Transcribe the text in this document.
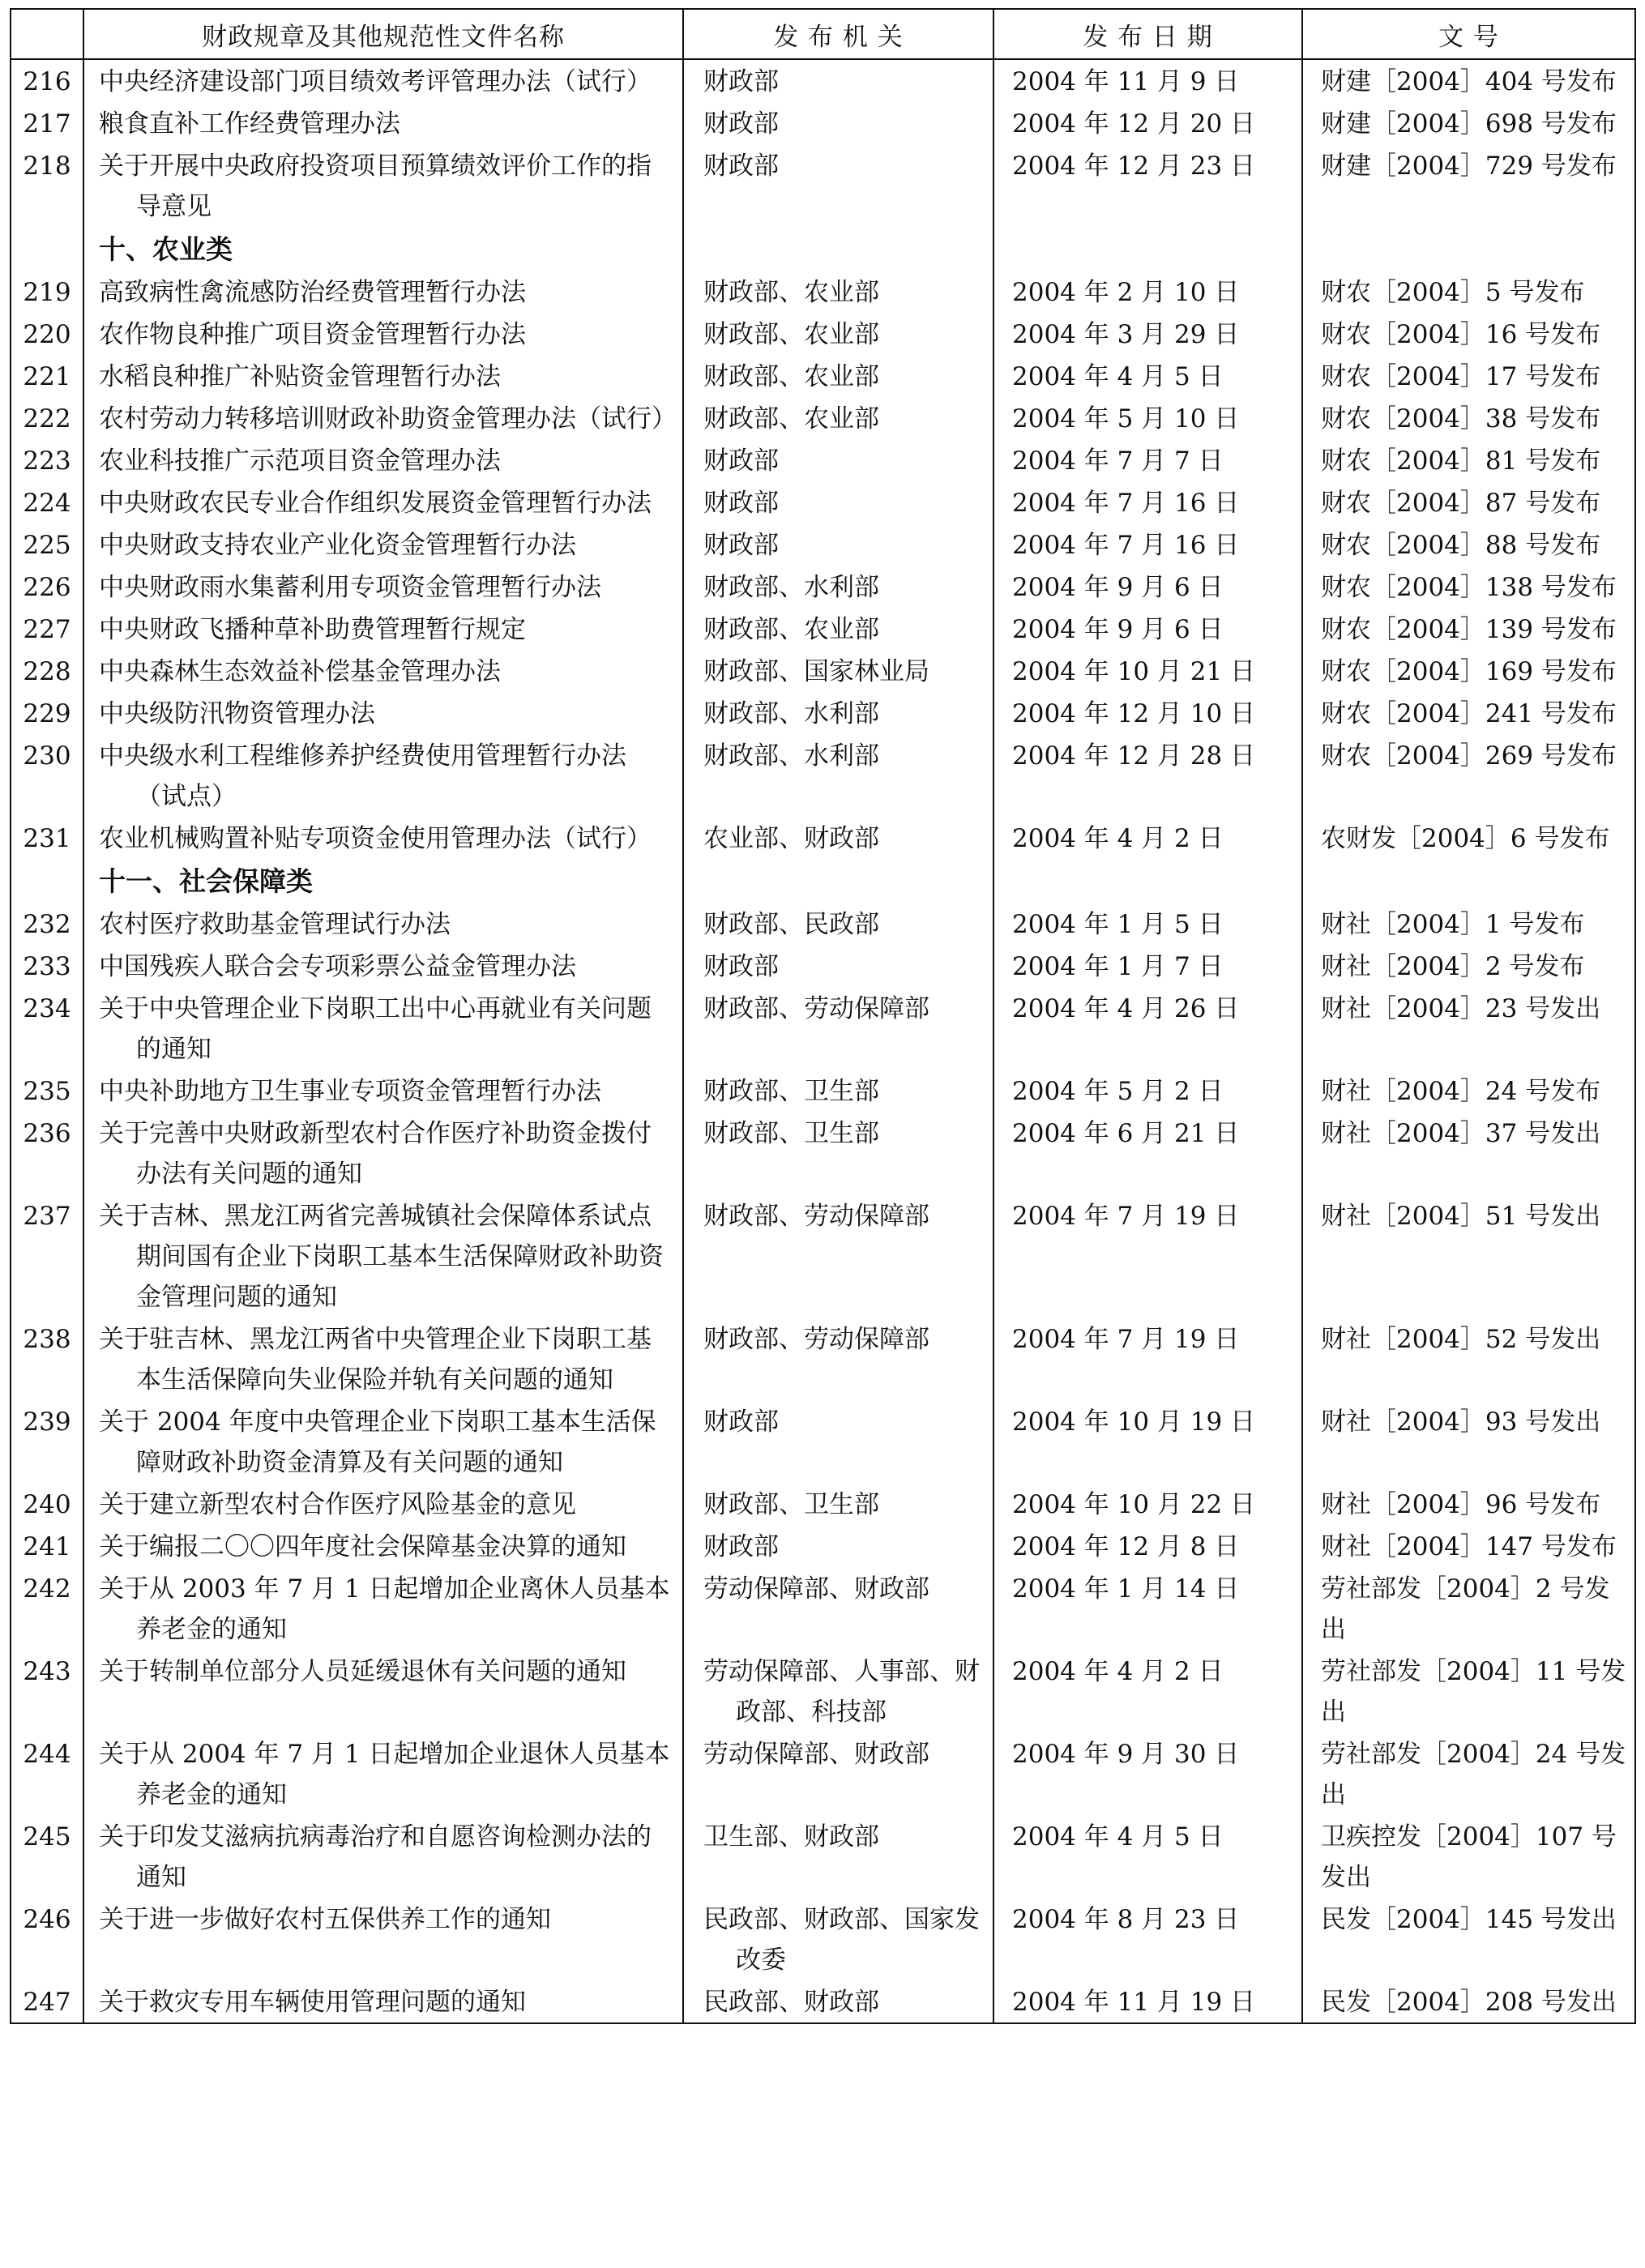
	财政规章及其他规范性文件名称	发 布 机 关	发 布 日 期	文 号
216	中央经济建设部门项目绩效考评管理办法（试行）	财政部	2004 年 11 月 9 日	财建［2004］404 号发布

217	粮食直补工作经费管理办法	财政部	2004 年 12 月 20 日	财建［2004］698 号发布

218	关于开展中央政府投资项目预算绩效评价工作的指导意见	财政部	2004 年 12 月 23 日	财建［2004］729 号发布

	十、农业类			
219	高致病性禽流感防治经费管理暂行办法	财政部、农业部	2004 年 2 月 10 日	财农［2004］5 号发布

220	农作物良种推广项目资金管理暂行办法	财政部、农业部	2004 年 3 月 29 日	财农［2004］16 号发布

221	水稻良种推广补贴资金管理暂行办法	财政部、农业部	2004 年 4 月 5 日	财农［2004］17 号发布

222	农村劳动力转移培训财政补助资金管理办法（试行）	财政部、农业部	2004 年 5 月 10 日	财农［2004］38 号发布

223	农业科技推广示范项目资金管理办法	财政部	2004 年 7 月 7 日	财农［2004］81 号发布

224	中央财政农民专业合作组织发展资金管理暂行办法	财政部	2004 年 7 月 16 日	财农［2004］87 号发布

225	中央财政支持农业产业化资金管理暂行办法	财政部	2004 年 7 月 16 日	财农［2004］88 号发布

226	中央财政雨水集蓄利用专项资金管理暂行办法	财政部、水利部	2004 年 9 月 6 日	财农［2004］138 号发布

227	中央财政飞播种草补助费管理暂行规定	财政部、农业部	2004 年 9 月 6 日	财农［2004］139 号发布

228	中央森林生态效益补偿基金管理办法	财政部、国家林业局	2004 年 10 月 21 日	财农［2004］169 号发布

229	中央级防汛物资管理办法	财政部、水利部	2004 年 12 月 10 日	财农［2004］241 号发布

230	中央级水利工程维修养护经费使用管理暂行办法（试点）	财政部、水利部	2004 年 12 月 28 日	财农［2004］269 号发布

231	农业机械购置补贴专项资金使用管理办法（试行）	农业部、财政部	2004 年 4 月 2 日	农财发［2004］6 号发布

	十一、社会保障类			
232	农村医疗救助基金管理试行办法	财政部、民政部	2004 年 1 月 5 日	财社［2004］1 号发布

233	中国残疾人联合会专项彩票公益金管理办法	财政部	2004 年 1 月 7 日	财社［2004］2 号发布

234	关于中央管理企业下岗职工出中心再就业有关问题的通知	财政部、劳动保障部	2004 年 4 月 26 日	财社［2004］23 号发出

235	中央补助地方卫生事业专项资金管理暂行办法	财政部、卫生部	2004 年 5 月 2 日	财社［2004］24 号发布

236	关于完善中央财政新型农村合作医疗补助资金拨付办法有关问题的通知	财政部、卫生部	2004 年 6 月 21 日	财社［2004］37 号发出

237	关于吉林、黑龙江两省完善城镇社会保障体系试点期间国有企业下岗职工基本生活保障财政补助资金管理问题的通知	财政部、劳动保障部	2004 年 7 月 19 日	财社［2004］51 号发出

238	关于驻吉林、黑龙江两省中央管理企业下岗职工基本生活保障向失业保险并轨有关问题的通知	财政部、劳动保障部	2004 年 7 月 19 日	财社［2004］52 号发出

239	关于 2004 年度中央管理企业下岗职工基本生活保障财政补助资金清算及有关问题的通知	财政部	2004 年 10 月 19 日	财社［2004］93 号发出

240	关于建立新型农村合作医疗风险基金的意见	财政部、卫生部	2004 年 10 月 22 日	财社［2004］96 号发布

241	关于编报二〇〇四年度社会保障基金决算的通知	财政部	2004 年 12 月 8 日	财社［2004］147 号发布

242	关于从 2003 年 7 月 1 日起增加企业离休人员基本养老金的通知	劳动保障部、财政部	2004 年 1 月 14 日	劳社部发［2004］2 号发出

243	关于转制单位部分人员延缓退休有关问题的通知	劳动保障部、人事部、财政部、科技部	2004 年 4 月 2 日	劳社部发［2004］11 号发出

244	关于从 2004 年 7 月 1 日起增加企业退休人员基本养老金的通知	劳动保障部、财政部	2004 年 9 月 30 日	劳社部发［2004］24 号发出

245	关于印发艾滋病抗病毒治疗和自愿咨询检测办法的通知	卫生部、财政部	2004 年 4 月 5 日	卫疾控发［2004］107 号发出

246	关于进一步做好农村五保供养工作的通知	民政部、财政部、国家发改委	2004 年 8 月 23 日	民发［2004］145 号发出

247	关于救灾专用车辆使用管理问题的通知	民政部、财政部	2004 年 11 月 19 日	民发［2004］208 号发出
